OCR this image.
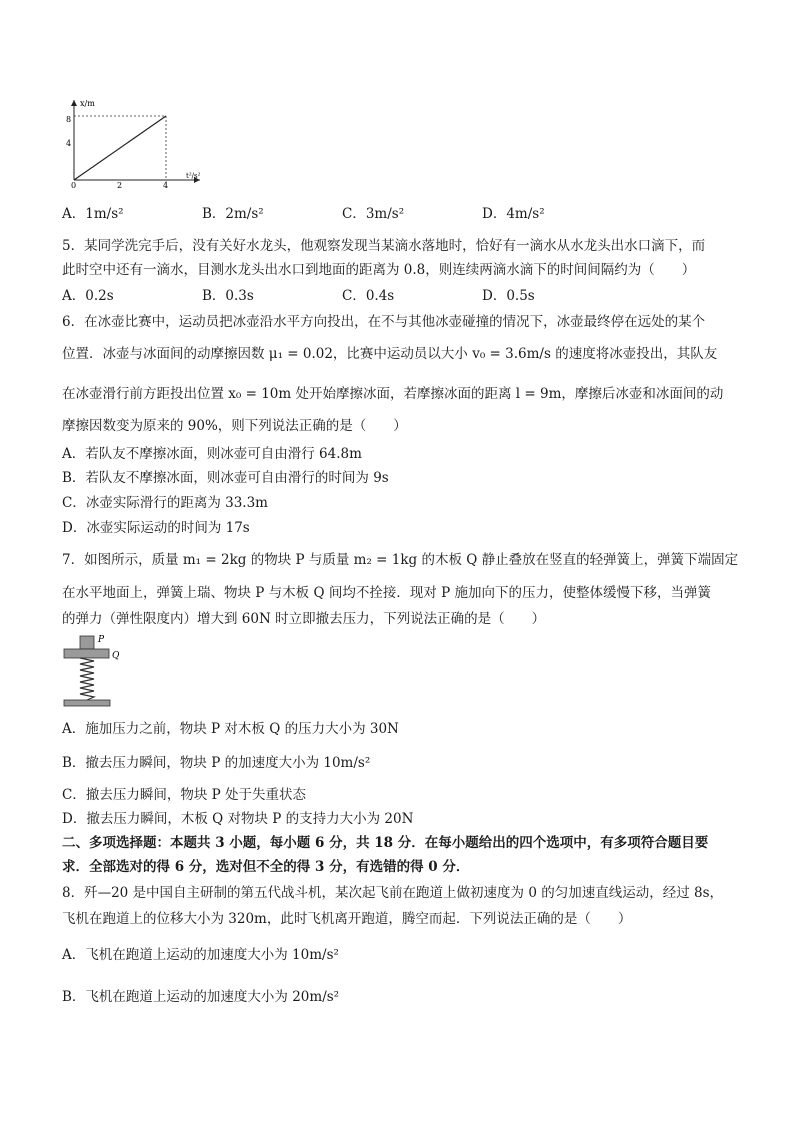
x/m
t²/s²
8
4
0	2	4
A．1m/s²	B．2m/s²	C．3m/s²	D．4m/s²
5．某同学洗完手后，没有关好水龙头，他观察发现当某滴水落地时，恰好有一滴水从水龙头出水口滴下，而
此时空中还有一滴水，目测水龙头出水口到地面的距离为 0.8，则连续两滴水滴下的时间间隔约为（　　）
A．0.2s	B．0.3s	C．0.4s	D．0.5s
6．在冰壶比赛中，运动员把冰壶沿水平方向投出，在不与其他冰壶碰撞的情况下，冰壶最终停在远处的某个
位置．冰壶与冰面间的动摩擦因数 μ₁ = 0.02，比赛中运动员以大小 v₀ = 3.6m/s 的速度将冰壶投出，其队友
在冰壶滑行前方距投出位置 x₀ = 10m 处开始摩擦冰面，若摩擦冰面的距离 l = 9m，摩擦后冰壶和冰面间的动
摩擦因数变为原来的 90%，则下列说法正确的是（　　）
A．若队友不摩擦冰面，则冰壶可自由滑行 64.8m
B．若队友不摩擦冰面，则冰壶可自由滑行的时间为 9s
C．冰壶实际滑行的距离为 33.3m
D．冰壶实际运动的时间为 17s
7．如图所示，质量 m₁ = 2kg 的物块 P 与质量 m₂ = 1kg 的木板 Q 静止叠放在竖直的轻弹簧上，弹簧下端固定
在水平地面上，弹簧上瑞、物块 P 与木板 Q 间均不拴接．现对 P 施加向下的压力，使整体缓慢下移，当弹簧
的弹力（弹性限度内）增大到 60N 时立即撤去压力，下列说法正确的是（　　）
P
Q
A．施加压力之前，物块 P 对木板 Q 的压力大小为 30N
B．撤去压力瞬间，物块 P 的加速度大小为 10m/s²
C．撤去压力瞬间，物块 P 处于失重状态
D．撤去压力瞬间，木板 Q 对物块 P 的支持力大小为 20N
二、多项选择题：本题共 3 小题，每小题 6 分，共 18 分．在每小题给出的四个选项中，有多项符合题目要
求．全部选对的得 6 分，选对但不全的得 3 分，有选错的得 0 分．
8．歼—20 是中国自主研制的第五代战斗机，某次起飞前在跑道上做初速度为 0 的匀加速直线运动，经过 8s，
飞机在跑道上的位移大小为 320m，此时飞机离开跑道，腾空而起．下列说法正确的是（　　）
A．飞机在跑道上运动的加速度大小为 10m/s²
B．飞机在跑道上运动的加速度大小为 20m/s²
